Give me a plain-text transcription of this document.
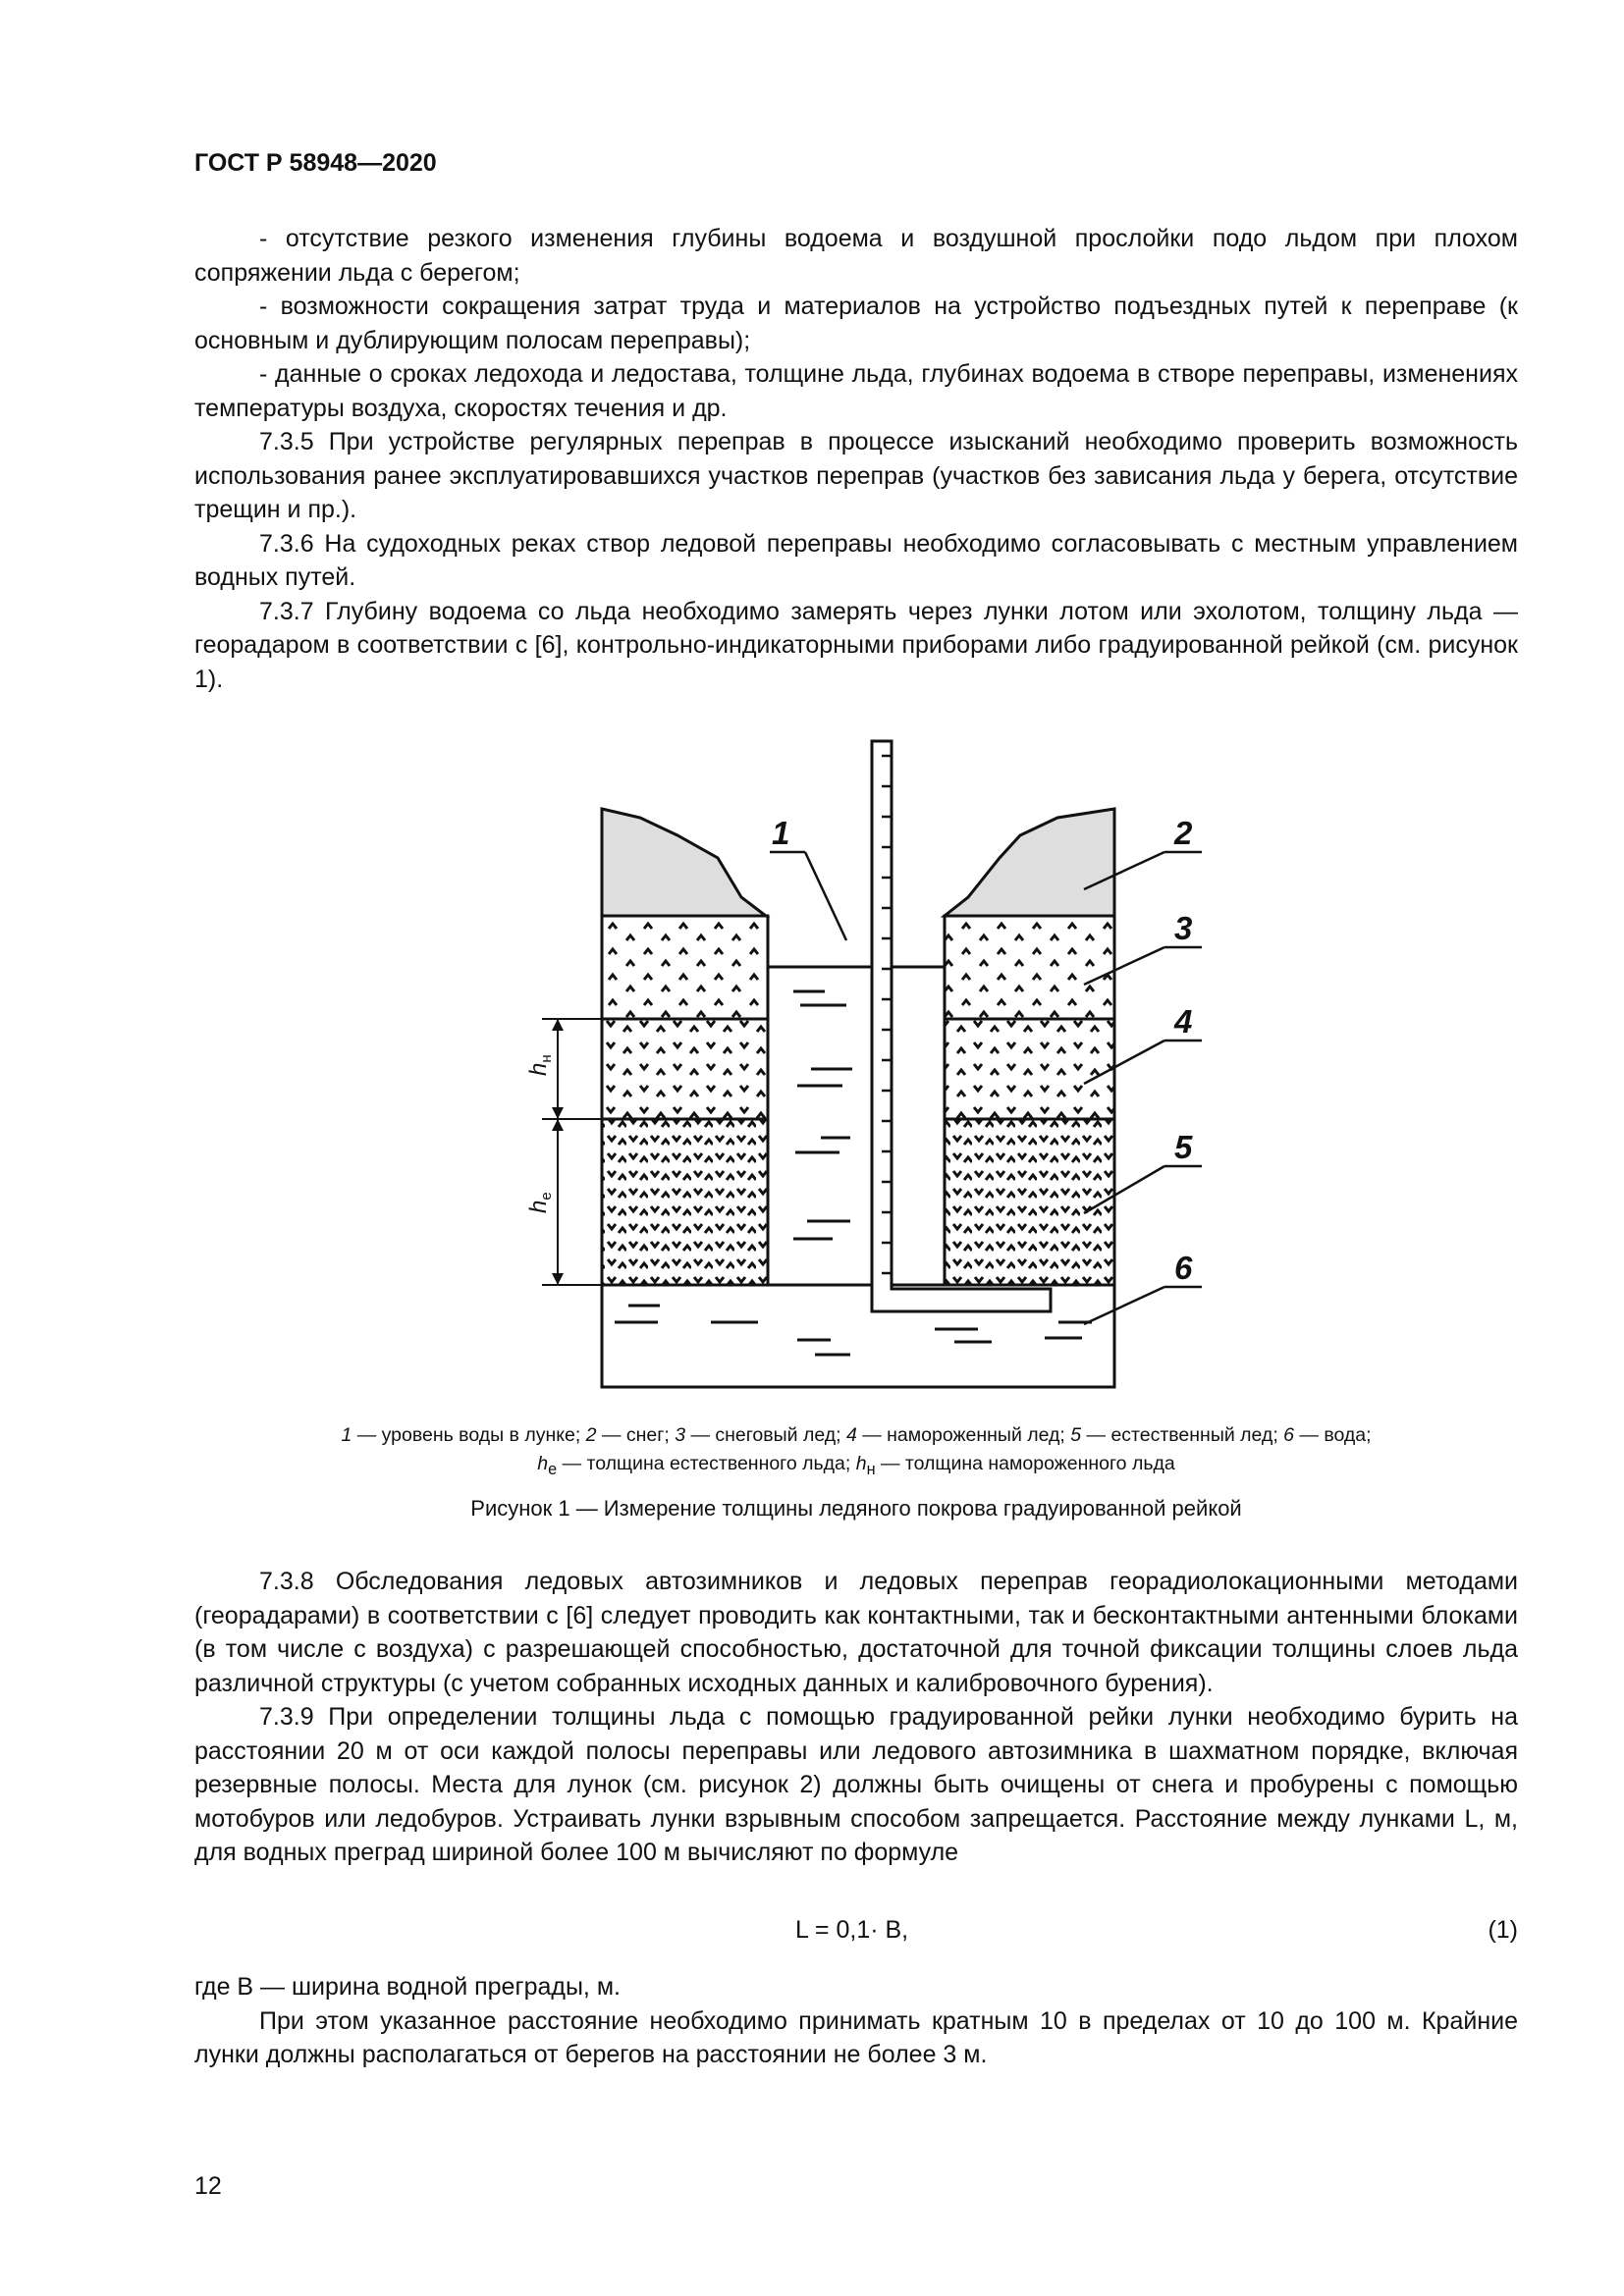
ГОСТ Р 58948—2020

- отсутствие резкого изменения глубины водоема и воздушной прослойки подо льдом при плохом сопряжении льда с берегом;

- возможности сокращения затрат труда и материалов на устройство подъездных путей к переправе (к основным и дублирующим полосам переправы);

- данные о сроках ледохода и ледостава, толщине льда, глубинах водоема в створе переправы, изменениях температуры воздуха, скоростях течения и др.

7.3.5 При устройстве регулярных переправ в процессе изысканий необходимо проверить возможность использования ранее эксплуатировавшихся участков переправ (участков без зависания льда у берега, отсутствие трещин и пр.).

7.3.6 На судоходных реках створ ледовой переправы необходимо согласовывать с местным управлением водных путей.

7.3.7 Глубину водоема со льда необходимо замерять через лунки лотом или эхолотом, толщину льда — георадаром в соответствии с [6], контрольно-индикаторными приборами либо градуированной рейкой (см. рисунок 1).

$h_н$
$h_е$
1	2
3
4
5
6
1 — уровень воды в лунке; 2 — снег; 3 — снеговый лед; 4 — намороженный лед; 5 — естественный лед; 6 — вода;
$h_е$ — толщина естественного льда; $h_н$ — толщина намороженного льда
Рисунок 1 — Измерение толщины ледяного покрова градуированной рейкой

7.3.8 Обследования ледовых автозимников и ледовых переправ георадиолокационными методами (георадарами) в соответствии с [6] следует проводить как контактными, так и бесконтактными антенными блоками (в том числе с воздуха) с разрешающей способностью, достаточной для точной фиксации толщины слоев льда различной структуры (с учетом собранных исходных данных и калибровочного бурения).

7.3.9 При определении толщины льда с помощью градуированной рейки лунки необходимо бурить на расстоянии 20 м от оси каждой полосы переправы или ледового автозимника в шахматном порядке, включая резервные полосы. Места для лунок (см. рисунок 2) должны быть очищены от снега и пробурены с помощью мотобуров или ледобуров. Устраивать лунки взрывным способом запрещается. Расстояние между лунками L, м, для водных преград шириной более 100 м вычисляют по формуле

L = 0,1· B,	(1)

где B — ширина водной преграды, м.

При этом указанное расстояние необходимо принимать кратным 10 в пределах от 10 до 100 м. Крайние лунки должны располагаться от берегов на расстоянии не более 3 м.

12
